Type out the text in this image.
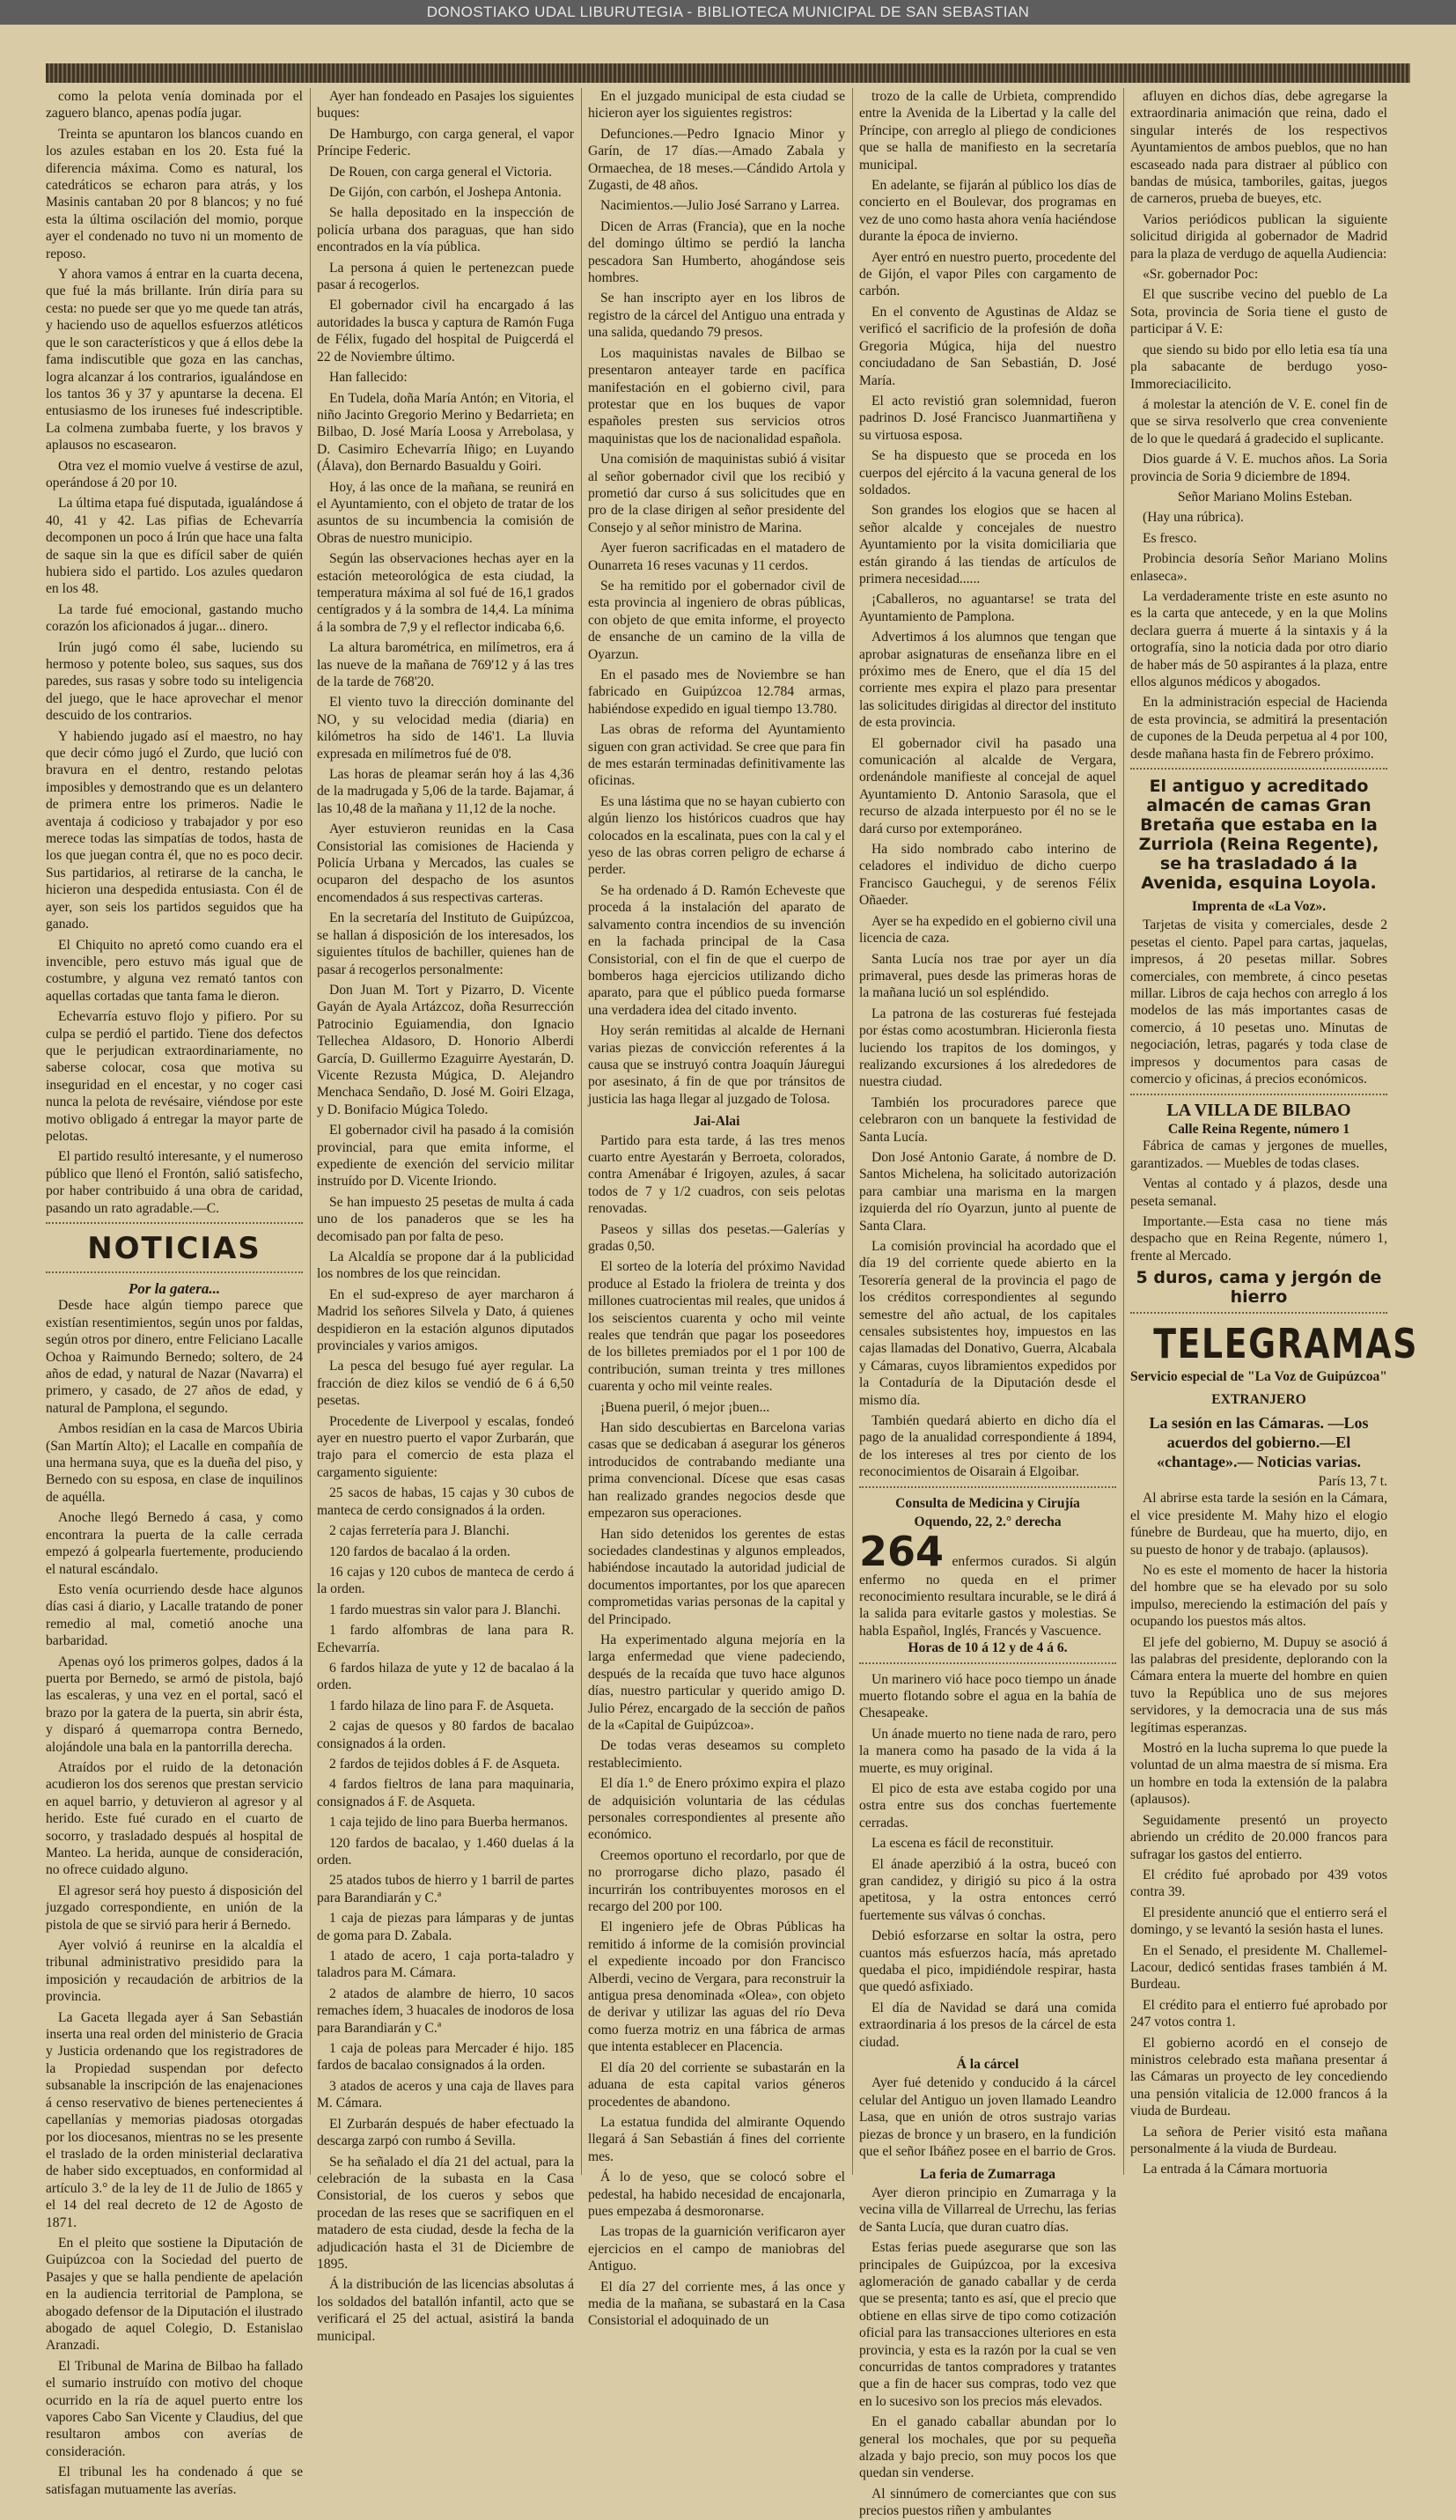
DONOSTIAKO UDAL LIBURUTEGIA - BIBLIOTECA MUNICIPAL DE SAN SEBASTIAN

como la pelota venía dominada por el zaguero blanco, apenas podía jugar.

Treinta se apuntaron los blancos cuando en los azules estaban en los 20. Esta fué la diferencia máxima. Como es natural, los catedráticos se echaron para atrás, y los Masinis cantaban 20 por 8 blancos; y no fué esta la última oscilación del momio, porque ayer el condenado no tuvo ni un momento de reposo.

Y ahora vamos á entrar en la cuarta decena, que fué la más brillante. Irún diría para su cesta: no puede ser que yo me quede tan atrás, y haciendo uso de aquellos esfuerzos atléticos que le son característicos y que á ellos debe la fama indiscutible que goza en las canchas, logra alcanzar á los contrarios, igualándose en los tantos 36 y 37 y apuntarse la decena. El entusiasmo de los iruneses fué indescriptible. La colmena zumbaba fuerte, y los bravos y aplausos no escasearon.

Otra vez el momio vuelve á vestirse de azul, operándose á 20 por 10.

La última etapa fué disputada, igualándose á 40, 41 y 42. Las pifias de Echevarría decomponen un poco á Irún que hace una falta de saque sin la que es difícil saber de quién hubiera sido el partido. Los azules quedaron en los 48.

La tarde fué emocional, gastando mucho corazón los aficionados á jugar... dinero.

Irún jugó como él sabe, luciendo su hermoso y potente boleo, sus saques, sus dos paredes, sus rasas y sobre todo su inteligencia del juego, que le hace aprovechar el menor descuido de los contrarios.

Y habiendo jugado así el maestro, no hay que decir cómo jugó el Zurdo, que lució con bravura en el dentro, restando pelotas imposibles y demostrando que es un delantero de primera entre los primeros. Nadie le aventaja á codicioso y trabajador y por eso merece todas las simpatías de todos, hasta de los que juegan contra él, que no es poco decir. Sus partidarios, al retirarse de la cancha, le hicieron una despedida entusiasta. Con él de ayer, son seis los partidos seguidos que ha ganado.

El Chiquito no apretó como cuando era el invencible, pero estuvo más igual que de costumbre, y alguna vez remató tantos con aquellas cortadas que tanta fama le dieron.

Echevarría estuvo flojo y pifiero. Por su culpa se perdió el partido. Tiene dos defectos que le perjudican extraordinariamente, no saberse colocar, cosa que motiva su inseguridad en el encestar, y no coger casi nunca la pelota de revésaire, viéndose por este motivo obligado á entregar la mayor parte de pelotas.

El partido resultó interesante, y el numeroso público que llenó el Frontón, salió satisfecho, por haber contribuido á una obra de caridad, pasando un rato agradable.—C.

NOTICIAS
Por la gatera...

Desde hace algún tiempo parece que existían resentimientos, según unos por faldas, según otros por dinero, entre Feliciano Lacalle Ochoa y Raimundo Bernedo; soltero, de 24 años de edad, y natural de Nazar (Navarra) el primero, y casado, de 27 años de edad, y natural de Pamplona, el segundo.

Ambos residían en la casa de Marcos Ubiria (San Martín Alto); el Lacalle en compañía de una hermana suya, que es la dueña del piso, y Bernedo con su esposa, en clase de inquilinos de aquélla.

Anoche llegó Bernedo á casa, y como encontrara la puerta de la calle cerrada empezó á golpearla fuertemente, produciendo el natural escándalo.

Esto venía ocurriendo desde hace algunos días casi á diario, y Lacalle tratando de poner remedio al mal, cometió anoche una barbaridad.

Apenas oyó los primeros golpes, dados á la puerta por Bernedo, se armó de pistola, bajó las escaleras, y una vez en el portal, sacó el brazo por la gatera de la puerta, sin abrir ésta, y disparó á quemarropa contra Bernedo, alojándole una bala en la pantorrilla derecha.

Atraídos por el ruido de la detonación acudieron los dos serenos que prestan servicio en aquel barrio, y detuvieron al agresor y al herido. Este fué curado en el cuarto de socorro, y trasladado después al hospital de Manteo. La herida, aunque de consideración, no ofrece cuidado alguno.

El agresor será hoy puesto á disposición del juzgado correspondiente, en unión de la pistola de que se sirvió para herir á Bernedo.

Ayer volvió á reunirse en la alcaldía el tribunal administrativo presidido para la imposición y recaudación de arbitrios de la provincia.

La Gaceta llegada ayer á San Sebastián inserta una real orden del ministerio de Gracia y Justicia ordenando que los registradores de la Propiedad suspendan por defecto subsanable la inscripción de las enajenaciones á censo reservativo de bienes pertenecientes á capellanías y memorias piadosas otorgadas por los diocesanos, mientras no se les presente el traslado de la orden ministerial declarativa de haber sido exceptuados, en conformidad al artículo 3.° de la ley de 11 de Julio de 1865 y el 14 del real decreto de 12 de Agosto de 1871.

En el pleito que sostiene la Diputación de Guipúzcoa con la Sociedad del puerto de Pasajes y que se halla pendiente de apelación en la audiencia territorial de Pamplona, se abogado defensor de la Diputación el ilustrado abogado de aquel Colegio, D. Estanislao Aranzadi.

El Tribunal de Marina de Bilbao ha fallado el sumario instruído con motivo del choque ocurrido en la ría de aquel puerto entre los vapores Cabo San Vicente y Claudius, del que resultaron ambos con averías de consideración.

El tribunal les ha condenado á que se satisfagan mutuamente las averías.

Ayer han fondeado en Pasajes los siguientes buques:

De Hamburgo, con carga general, el vapor Príncipe Federic.

De Rouen, con carga general el Victoria.

De Gijón, con carbón, el Joshepa Antonia.

Se halla depositado en la inspección de policía urbana dos paraguas, que han sido encontrados en la vía pública.

La persona á quien le pertenezcan puede pasar á recogerlos.

El gobernador civil ha encargado á las autoridades la busca y captura de Ramón Fuga de Félix, fugado del hospital de Puigcerdá el 22 de Noviembre último.

Han fallecido:

En Tudela, doña María Antón; en Vitoria, el niño Jacinto Gregorio Merino y Bedarrieta; en Bilbao, D. José María Loosa y Arrebolasa, y D. Casimiro Echevarría Iñigo; en Luyando (Álava), don Bernardo Basualdu y Goiri.

Hoy, á las once de la mañana, se reunirá en el Ayuntamiento, con el objeto de tratar de los asuntos de su incumbencia la comisión de Obras de nuestro municipio.

Según las observaciones hechas ayer en la estación meteorológica de esta ciudad, la temperatura máxima al sol fué de 16,1 grados centígrados y á la sombra de 14,4. La mínima á la sombra de 7,9 y el reflector indicaba 6,6.

La altura barométrica, en milímetros, era á las nueve de la mañana de 769'12 y á las tres de la tarde de 768'20.

El viento tuvo la dirección dominante del NO, y su velocidad media (diaria) en kilómetros ha sido de 146'1. La lluvia expresada en milímetros fué de 0'8.

Las horas de pleamar serán hoy á las 4,36 de la madrugada y 5,06 de la tarde. Bajamar, á las 10,48 de la mañana y 11,12 de la noche.

Ayer estuvieron reunidas en la Casa Consistorial las comisiones de Hacienda y Policía Urbana y Mercados, las cuales se ocuparon del despacho de los asuntos encomendados á sus respectivas carteras.

En la secretaría del Instituto de Guipúzcoa, se hallan á disposición de los interesados, los siguientes títulos de bachiller, quienes han de pasar á recogerlos personalmente:

Don Juan M. Tort y Pizarro, D. Vicente Gayán de Ayala Artázcoz, doña Resurrección Patrocinio Eguiamendia, don Ignacio Tellechea Aldasoro, D. Honorio Alberdi García, D. Guillermo Ezaguirre Ayestarán, D. Vicente Rezusta Múgica, D. Alejandro Menchaca Sendaño, D. José M. Goiri Elzaga, y D. Bonifacio Múgica Toledo.

El gobernador civil ha pasado á la comisión provincial, para que emita informe, el expediente de exención del servicio militar instruído por D. Vicente Iriondo.

Se han impuesto 25 pesetas de multa á cada uno de los panaderos que se les ha decomisado pan por falta de peso.

La Alcaldía se propone dar á la publicidad los nombres de los que reincidan.

En el sud-expreso de ayer marcharon á Madrid los señores Silvela y Dato, á quienes despidieron en la estación algunos diputados provinciales y varios amigos.

La pesca del besugo fué ayer regular. La fracción de diez kilos se vendió de 6 á 6,50 pesetas.

Procedente de Liverpool y escalas, fondeó ayer en nuestro puerto el vapor Zurbarán, que trajo para el comercio de esta plaza el cargamento siguiente:

25 sacos de habas, 15 cajas y 30 cubos de manteca de cerdo consignados á la orden.

2 cajas ferretería para J. Blanchi.

120 fardos de bacalao á la orden.

16 cajas y 120 cubos de manteca de cerdo á la orden.

1 fardo muestras sin valor para J. Blanchi.

1 fardo alfombras de lana para R. Echevarría.

6 fardos hilaza de yute y 12 de bacalao á la orden.

1 fardo hilaza de lino para F. de Asqueta.

2 cajas de quesos y 80 fardos de bacalao consignados á la orden.

2 fardos de tejidos dobles á F. de Asqueta.

4 fardos fieltros de lana para maquinaria, consignados á F. de Asqueta.

1 caja tejido de lino para Buerba hermanos.

120 fardos de bacalao, y 1.460 duelas á la orden.

25 atados tubos de hierro y 1 barril de partes para Barandiarán y C.ª

1 caja de piezas para lámparas y de juntas de goma para D. Zabala.

1 atado de acero, 1 caja porta-taladro y taladros para M. Cámara.

2 atados de alambre de hierro, 10 sacos remaches ídem, 3 huacales de inodoros de losa para Barandiarán y C.ª

1 caja de poleas para Mercader é hijo. 185 fardos de bacalao consignados á la orden.

3 atados de aceros y una caja de llaves para M. Cámara.

El Zurbarán después de haber efectuado la descarga zarpó con rumbo á Sevilla.

Se ha señalado el día 21 del actual, para la celebración de la subasta en la Casa Consistorial, de los cueros y sebos que procedan de las reses que se sacrifiquen en el matadero de esta ciudad, desde la fecha de la adjudicación hasta el 31 de Diciembre de 1895.

Á la distribución de las licencias absolutas á los soldados del batallón infantil, acto que se verificará el 25 del actual, asistirá la banda municipal.

En el juzgado municipal de esta ciudad se hicieron ayer los siguientes registros:

Defunciones.—Pedro Ignacio Minor y Garín, de 17 días.—Amado Zabala y Ormaechea, de 18 meses.—Cándido Artola y Zugasti, de 48 años.

Nacimientos.—Julio José Sarrano y Larrea.

Dicen de Arras (Francia), que en la noche del domingo último se perdió la lancha pescadora San Humberto, ahogándose seis hombres.

Se han inscripto ayer en los libros de registro de la cárcel del Antiguo una entrada y una salida, quedando 79 presos.

Los maquinistas navales de Bilbao se presentaron anteayer tarde en pacífica manifestación en el gobierno civil, para protestar que en los buques de vapor españoles presten sus servicios otros maquinistas que los de nacionalidad española.

Una comisión de maquinistas subió á visitar al señor gobernador civil que los recibió y prometió dar curso á sus solicitudes que en pro de la clase dirigen al señor presidente del Consejo y al señor ministro de Marina.

Ayer fueron sacrificadas en el matadero de Ounarreta 16 reses vacunas y 11 cerdos.

Se ha remitido por el gobernador civil de esta provincia al ingeniero de obras públicas, con objeto de que emita informe, el proyecto de ensanche de un camino de la villa de Oyarzun.

En el pasado mes de Noviembre se han fabricado en Guipúzcoa 12.784 armas, habiéndose expedido en igual tiempo 13.780.

Las obras de reforma del Ayuntamiento siguen con gran actividad. Se cree que para fin de mes estarán terminadas definitivamente las oficinas.

Es una lástima que no se hayan cubierto con algún lienzo los históricos cuadros que hay colocados en la escalinata, pues con la cal y el yeso de las obras corren peligro de echarse á perder.

Se ha ordenado á D. Ramón Echeveste que proceda á la instalación del aparato de salvamento contra incendios de su invención en la fachada principal de la Casa Consistorial, con el fin de que el cuerpo de bomberos haga ejercicios utilizando dicho aparato, para que el público pueda formarse una verdadera idea del citado invento.

Hoy serán remitidas al alcalde de Hernani varias piezas de convicción referentes á la causa que se instruyó contra Joaquín Jáuregui por asesinato, á fin de que por tránsitos de justicia las haga llegar al juzgado de Tolosa.

Jai-Alai

Partido para esta tarde, á las tres menos cuarto entre Ayestarán y Berroeta, colorados, contra Amenábar é Irigoyen, azules, á sacar todos de 7 y 1/2 cuadros, con seis pelotas renovadas.

Paseos y sillas dos pesetas.—Galerías y gradas 0,50.

El sorteo de la lotería del próximo Navidad produce al Estado la friolera de treinta y dos millones cuatrocientas mil reales, que unidos á los seiscientos cuarenta y ocho mil veinte reales que tendrán que pagar los poseedores de los billetes premiados por el 1 por 100 de contribución, suman treinta y tres millones cuarenta y ocho mil veinte reales.

¡Buena pueril, ó mejor ¡buen...

Han sido descubiertas en Barcelona varias casas que se dedicaban á asegurar los géneros introducidos de contrabando mediante una prima convencional. Dícese que esas casas han realizado grandes negocios desde que empezaron sus operaciones.

Han sido detenidos los gerentes de estas sociedades clandestinas y algunos empleados, habiéndose incautado la autoridad judicial de documentos importantes, por los que aparecen comprometidas varias personas de la capital y del Principado.

Ha experimentado alguna mejoría en la larga enfermedad que viene padeciendo, después de la recaída que tuvo hace algunos días, nuestro particular y querido amigo D. Julio Pérez, encargado de la sección de paños de la «Capital de Guipúzcoa».

De todas veras deseamos su completo restablecimiento.

El día 1.° de Enero próximo expira el plazo de adquisición voluntaria de las cédulas personales correspondientes al presente año económico.

Creemos oportuno el recordarlo, por que de no prorrogarse dicho plazo, pasado él incurrirán los contribuyentes morosos en el recargo del 200 por 100.

El ingeniero jefe de Obras Públicas ha remitido á informe de la comisión provincial el expediente incoado por don Francisco Alberdi, vecino de Vergara, para reconstruir la antigua presa denominada «Olea», con objeto de derivar y utilizar las aguas del río Deva como fuerza motriz en una fábrica de armas que intenta establecer en Placencia.

El día 20 del corriente se subastarán en la aduana de esta capital varios géneros procedentes de abandono.

La estatua fundida del almirante Oquendo llegará á San Sebastián á fines del corriente mes.

Á lo de yeso, que se colocó sobre el pedestal, ha habido necesidad de encajonarla, pues empezaba á desmoronarse.

Las tropas de la guarnición verificaron ayer ejercicios en el campo de maniobras del Antiguo.

El día 27 del corriente mes, á las once y media de la mañana, se subastará en la Casa Consistorial el adoquinado de un

trozo de la calle de Urbieta, comprendido entre la Avenida de la Libertad y la calle del Príncipe, con arreglo al pliego de condiciones que se halla de manifiesto en la secretaría municipal.

En adelante, se fijarán al público los días de concierto en el Boulevar, dos programas en vez de uno como hasta ahora venía haciéndose durante la época de invierno.

Ayer entró en nuestro puerto, procedente del de Gijón, el vapor Piles con cargamento de carbón.

En el convento de Agustinas de Aldaz se verificó el sacrificio de la profesión de doña Gregoria Múgica, hija del nuestro conciudadano de San Sebastián, D. José María.

El acto revistió gran solemnidad, fueron padrinos D. José Francisco Juanmartiñena y su virtuosa esposa.

Se ha dispuesto que se proceda en los cuerpos del ejército á la vacuna general de los soldados.

Son grandes los elogios que se hacen al señor alcalde y concejales de nuestro Ayuntamiento por la visita domiciliaria que están girando á las tiendas de artículos de primera necesidad......

¡Caballeros, no aguantarse! se trata del Ayuntamiento de Pamplona.

Advertimos á los alumnos que tengan que aprobar asignaturas de enseñanza libre en el próximo mes de Enero, que el día 15 del corriente mes expira el plazo para presentar las solicitudes dirigidas al director del instituto de esta provincia.

El gobernador civil ha pasado una comunicación al alcalde de Vergara, ordenándole manifieste al concejal de aquel Ayuntamiento D. Antonio Sarasola, que el recurso de alzada interpuesto por él no se le dará curso por extemporáneo.

Ha sido nombrado cabo interino de celadores el individuo de dicho cuerpo Francisco Gauchegui, y de serenos Félix Oñaeder.

Ayer se ha expedido en el gobierno civil una licencia de caza.

Santa Lucía nos trae por ayer un día primaveral, pues desde las primeras horas de la mañana lució un sol espléndido.

La patrona de las costureras fué festejada por éstas como acostumbran. Hicieronla fiesta luciendo los trapitos de los domingos, y realizando excursiones á los alrededores de nuestra ciudad.

También los procuradores parece que celebraron con un banquete la festividad de Santa Lucía.

Don José Antonio Garate, á nombre de D. Santos Michelena, ha solicitado autorización para cambiar una marisma en la margen izquierda del río Oyarzun, junto al puente de Santa Clara.

La comisión provincial ha acordado que el día 19 del corriente quede abierto en la Tesorería general de la provincia el pago de los créditos correspondientes al segundo semestre del año actual, de los capitales censales subsistentes hoy, impuestos en las cajas llamadas del Donativo, Guerra, Alcabala y Cámaras, cuyos libramientos expedidos por la Contaduría de la Diputación desde el mismo día.

También quedará abierto en dicho día el pago de la anualidad correspondiente á 1894, de los intereses al tres por ciento de los reconocimientos de Oisarain á Elgoibar.

Consulta de Medicina y Cirujía
Oquendo, 22, 2.° derecha
264 enfermos curados. Si algún enfermo no queda en el primer reconocimiento resultara incurable, se le dirá á la salida para evitarle gastos y molestias. Se habla Español, Inglés, Francés y Vascuence.
Horas de 10 á 12 y de 4 á 6.

Un marinero vió hace poco tiempo un ánade muerto flotando sobre el agua en la bahía de Chesapeake.

Un ánade muerto no tiene nada de raro, pero la manera como ha pasado de la vida á la muerte, es muy original.

El pico de esta ave estaba cogido por una ostra entre sus dos conchas fuertemente cerradas.

La escena es fácil de reconstituir.

El ánade aperzibió á la ostra, buceó con gran candidez, y dirigió su pico á la ostra apetitosa, y la ostra entonces cerró fuertemente sus válvas ó conchas.

Debió esforzarse en soltar la ostra, pero cuantos más esfuerzos hacía, más apretado quedaba el pico, impidiéndole respirar, hasta que quedó asfixiado.

El día de Navidad se dará una comida extraordinaria á los presos de la cárcel de esta ciudad.

Á la cárcel

Ayer fué detenido y conducido á la cárcel celular del Antiguo un joven llamado Leandro Lasa, que en unión de otros sustrajo varias piezas de bronce y un brasero, en la fundición que el señor Ibáñez posee en el barrio de Gros.

La feria de Zumarraga

Ayer dieron principio en Zumarraga y la vecina villa de Villarreal de Urrechu, las ferias de Santa Lucía, que duran cuatro días.

Estas ferias puede asegurarse que son las principales de Guipúzcoa, por la excesiva aglomeración de ganado caballar y de cerda que se presenta; tanto es así, que el precio que obtiene en ellas sirve de tipo como cotización oficial para las transacciones ulteriores en esta provincia, y esta es la razón por la cual se ven concurridas de tantos compradores y tratantes que a fin de hacer sus compras, todo vez que en lo sucesivo son los precios más elevados.

En el ganado caballar abundan por lo general los mochales, que por su pequeña alzada y bajo precio, son muy pocos los que quedan sin venderse.

Al sinnúmero de comerciantes que con sus precios puestos riñen y ambulantes

afluyen en dichos días, debe agregarse la extraordinaria animación que reina, dado el singular interés de los respectivos Ayuntamientos de ambos pueblos, que no han escaseado nada para distraer al público con bandas de música, tamboriles, gaitas, juegos de carneros, prueba de bueyes, etc.

Varios periódicos publican la siguiente solicitud dirigida al gobernador de Madrid para la plaza de verdugo de aquella Audiencia:

«Sr. gobernador Poc:

El que suscribe vecino del pueblo de La Sota, provincia de Soria tiene el gusto de participar á V. E:

que siendo su bido por ello letia esa tía una pla sabacante de berdugo yoso-Immoreciacilicito.

á molestar la atención de V. E. conel fin de que se sirva resolverlo que crea conveniente de lo que le quedará á gradecido el suplicante.

Dios guarde á V. E. muchos años. La Soria provincia de Soria 9 diciembre de 1894.

Señor Mariano Molins Esteban.

(Hay una rúbrica).

Es fresco.

Probincia desoría Señor Mariano Molins enlaseca».

La verdaderamente triste en este asunto no es la carta que antecede, y en la que Molins declara guerra á muerte á la sintaxis y á la ortografía, sino la noticia dada por otro diario de haber más de 50 aspirantes á la plaza, entre ellos algunos médicos y abogados.

En la administración especial de Hacienda de esta provincia, se admitirá la presentación de cupones de la Deuda perpetua al 4 por 100, desde mañana hasta fin de Febrero próximo.

El antiguo y acreditado almacén de camas Gran Bretaña que estaba en la Zurriola (Reina Regente), se ha trasladado á la Avenida, esquina Loyola.
Imprenta de «La Voz».

Tarjetas de visita y comerciales, desde 2 pesetas el ciento. Papel para cartas, jaquelas, impresos, á 20 pesetas millar. Sobres comerciales, con membrete, á cinco pesetas millar. Libros de caja hechos con arreglo á los modelos de las más importantes casas de comercio, á 10 pesetas uno. Minutas de negociación, letras, pagarés y toda clase de impresos y documentos para casas de comercio y oficinas, á precios económicos.

LA VILLA DE BILBAO
Calle Reina Regente, número 1

Fábrica de camas y jergones de muelles, garantizados. — Muebles de todas clases.

Ventas al contado y á plazos, desde una peseta semanal.

Importante.—Esta casa no tiene más despacho que en Reina Regente, número 1, frente al Mercado.

5 duros, cama y jergón de hierro
TELEGRAMAS
Servicio especial de "La Voz de Guipúzcoa"
EXTRANJERO
La sesión en las Cámaras. —Los acuerdos del gobierno.—El «chantage».— Noticias varias.
París 13, 7 t.

Al abrirse esta tarde la sesión en la Cámara, el vice presidente M. Mahy hizo el elogio fúnebre de Burdeau, que ha muerto, dijo, en su puesto de honor y de trabajo. (aplausos).

No es este el momento de hacer la historia del hombre que se ha elevado por su solo impulso, mereciendo la estimación del país y ocupando los puestos más altos.

El jefe del gobierno, M. Dupuy se asoció á las palabras del presidente, deplorando con la Cámara entera la muerte del hombre en quien tuvo la República uno de sus mejores servidores, y la democracia una de sus más legítimas esperanzas.

Mostró en la lucha suprema lo que puede la voluntad de un alma maestra de sí misma. Era un hombre en toda la extensión de la palabra (aplausos).

Seguidamente presentó un proyecto abriendo un crédito de 20.000 francos para sufragar los gastos del entierro.

El crédito fué aprobado por 439 votos contra 39.

El presidente anunció que el entierro será el domingo, y se levantó la sesión hasta el lunes.

En el Senado, el presidente M. Challemel-Lacour, dedicó sentidas frases también á M. Burdeau.

El crédito para el entierro fué aprobado por 247 votos contra 1.

El gobierno acordó en el consejo de ministros celebrado esta mañana presentar á las Cámaras un proyecto de ley concediendo una pensión vitalicia de 12.000 francos á la viuda de Burdeau.

La señora de Perier visitó esta mañana personalmente á la viuda de Burdeau.

La entrada á la Cámara mortuoria
